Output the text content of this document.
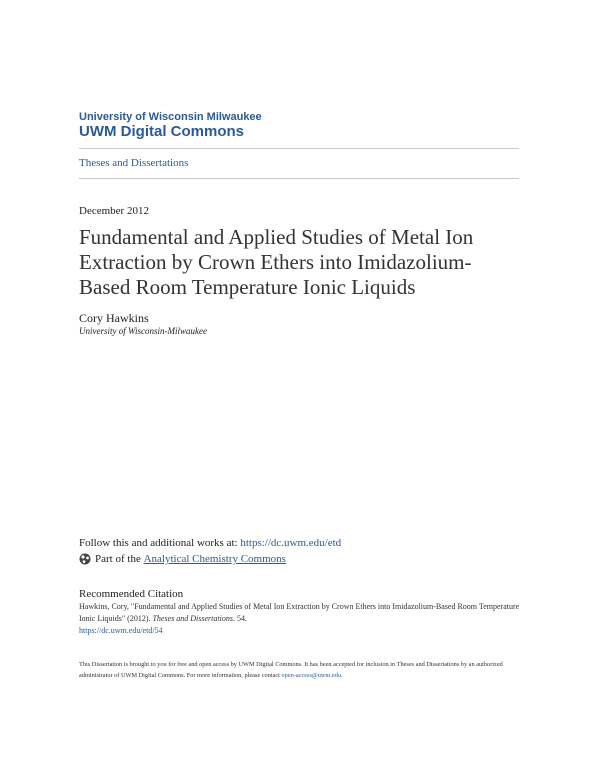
University of Wisconsin Milwaukee
UWM Digital Commons
Theses and Dissertations
December 2012
Fundamental and Applied Studies of Metal Ion Extraction by Crown Ethers into Imidazolium-Based Room Temperature Ionic Liquids
Cory Hawkins
University of Wisconsin-Milwaukee
Follow this and additional works at: https://dc.uwm.edu/etd
Part of the
Analytical Chemistry Commons
Recommended Citation
Hawkins, Cory, "Fundamental and Applied Studies of Metal Ion Extraction by Crown Ethers into Imidazolium-Based Room Temperature Ionic Liquids" (2012). Theses and Dissertations. 54.
https://dc.uwm.edu/etd/54
This Dissertation is brought to you for free and open access by UWM Digital Commons. It has been accepted for inclusion in Theses and Dissertations by an authorized administrator of UWM Digital Commons. For more information, please contact open-access@uwm.edu.
